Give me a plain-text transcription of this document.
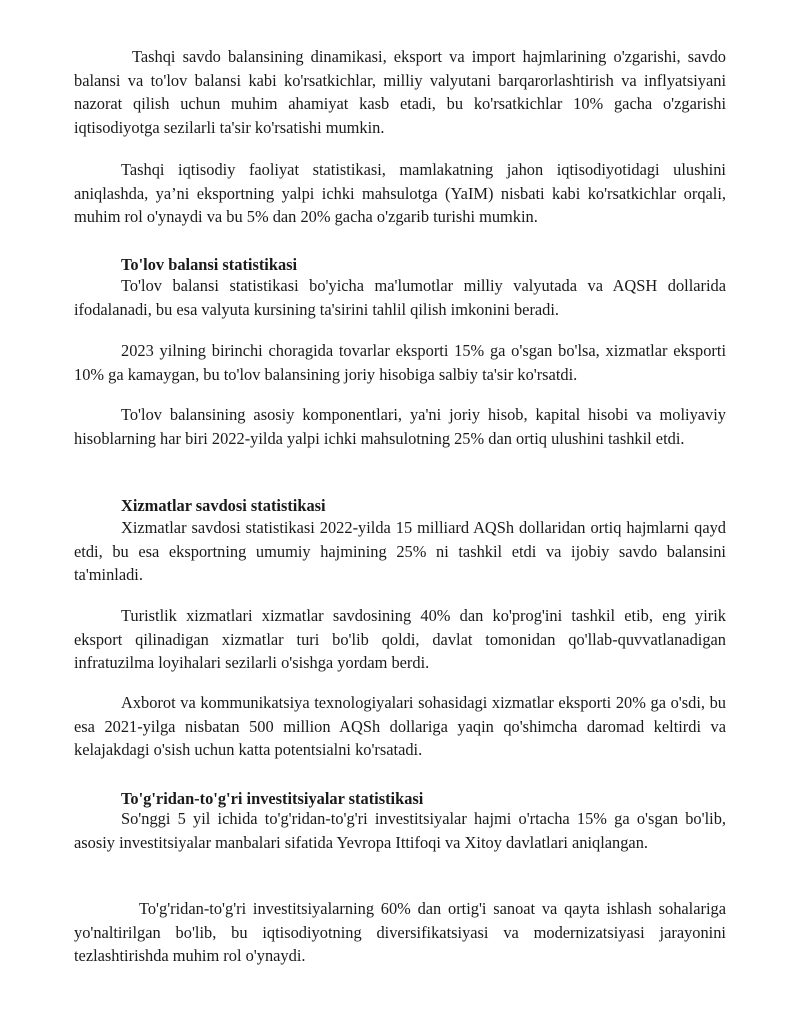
Tashqi savdo balansining dinamikasi, eksport va import hajmlarining o'zgarishi, savdo balansi va to'lov balansi kabi ko'rsatkichlar, milliy valyutani barqarorlashtirish va inflyatsiyani nazorat qilish uchun muhim ahamiyat kasb etadi, bu ko'rsatkichlar 10% gacha o'zgarishi iqtisodiyotga sezilarli ta'sir ko'rsatishi mumkin.

Tashqi iqtisodiy faoliyat statistikasi, mamlakatning jahon iqtisodiyotidagi ulushini aniqlashda, ya’ni eksportning yalpi ichki mahsulotga (YaIM) nisbati kabi ko'rsatkichlar orqali, muhim rol o'ynaydi va bu 5% dan 20% gacha o'zgarib turishi mumkin.

To'lov balansi statistikasi

To'lov balansi statistikasi bo'yicha ma'lumotlar milliy valyutada va AQSH dollarida ifodalanadi, bu esa valyuta kursining ta'sirini tahlil qilish imkonini beradi.

2023 yilning birinchi choragida tovarlar eksporti 15% ga o'sgan bo'lsa, xizmatlar eksporti 10% ga kamaygan, bu to'lov balansining joriy hisobiga salbiy ta'sir ko'rsatdi.

To'lov balansining asosiy komponentlari, ya'ni joriy hisob, kapital hisobi va moliyaviy hisoblarning har biri 2022-yilda yalpi ichki mahsulotning 25% dan ortiq ulushini tashkil etdi.

Xizmatlar savdosi statistikasi

Xizmatlar savdosi statistikasi 2022-yilda 15 milliard AQSh dollaridan ortiq hajmlarni qayd etdi, bu esa eksportning umumiy hajmining 25% ni tashkil etdi va ijobiy savdo balansini ta'minladi.

Turistlik xizmatlari xizmatlar savdosining 40% dan ko'prog'ini tashkil etib, eng yirik eksport qilinadigan xizmatlar turi bo'lib qoldi, davlat tomonidan qo'llab-quvvatlanadigan infratuzilma loyihalari sezilarli o'sishga yordam berdi.

Axborot va kommunikatsiya texnologiyalari sohasidagi xizmatlar eksporti 20% ga o'sdi, bu esa 2021-yilga nisbatan 500 million AQSh dollariga yaqin qo'shimcha daromad keltirdi va kelajakdagi o'sish uchun katta potentsialni ko'rsatadi.

To'g'ridan-to'g'ri investitsiyalar statistikasi

So'nggi 5 yil ichida to'g'ridan-to'g'ri investitsiyalar hajmi o'rtacha 15% ga o'sgan bo'lib, asosiy investitsiyalar manbalari sifatida Yevropa Ittifoqi va Xitoy davlatlari aniqlangan.

To'g'ridan-to'g'ri investitsiyalarning 60% dan ortig'i sanoat va qayta ishlash sohalariga yo'naltirilgan bo'lib, bu iqtisodiyotning diversifikatsiyasi va modernizatsiyasi jarayonini tezlashtirishda muhim rol o'ynaydi.
